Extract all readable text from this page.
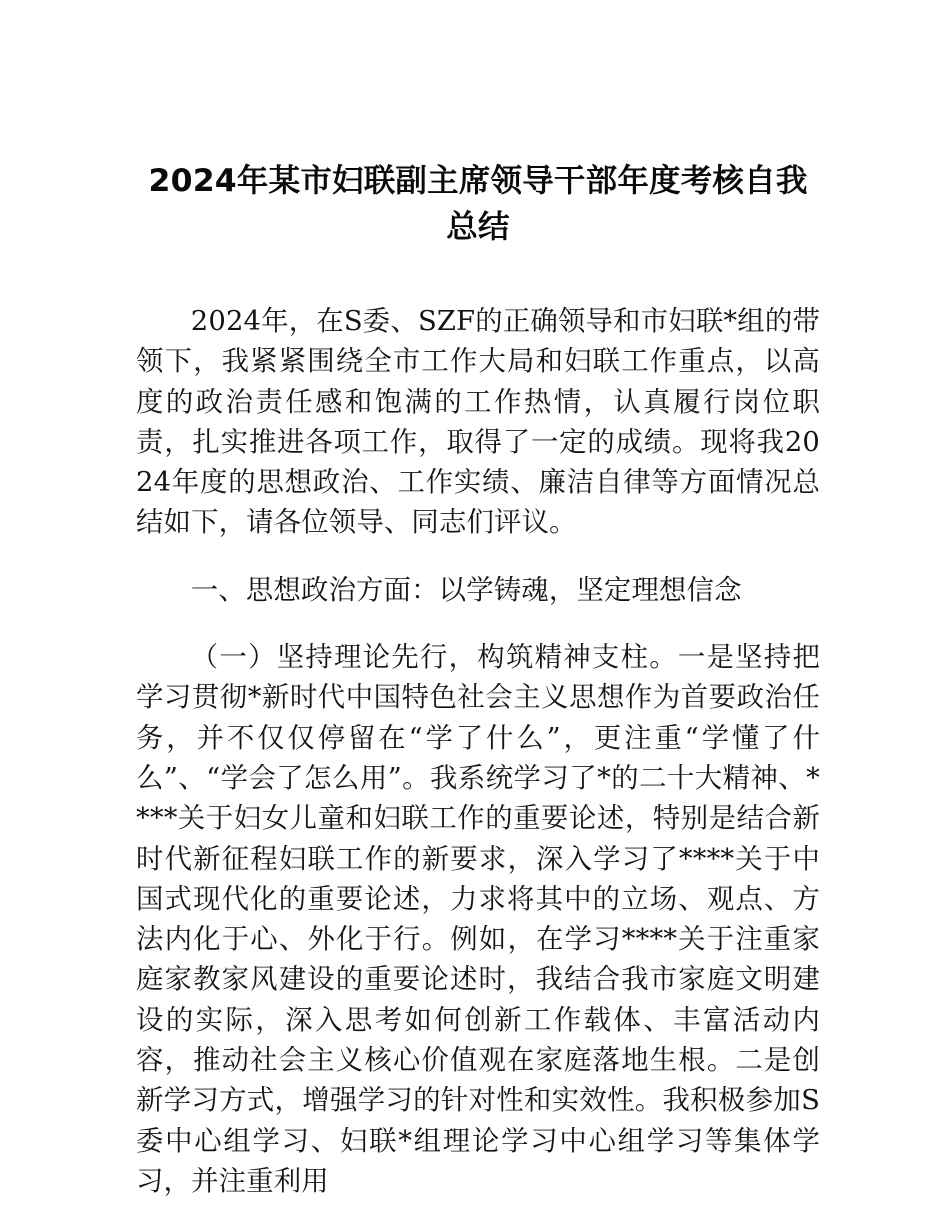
2024年某市妇联副主席领导干部年度考核自我总结

2024年，在S委、SZF的正确领导和市妇联*组的带领下，我紧紧围绕全市工作大局和妇联工作重点，以高度的政治责任感和饱满的工作热情，认真履行岗位职责，扎实推进各项工作，取得了一定的成绩。现将我2024年度的思想政治、工作实绩、廉洁自律等方面情况总结如下，请各位领导、同志们评议。

一、思想政治方面：以学铸魂，坚定理想信念

（一）坚持理论先行，构筑精神支柱。一是坚持把学习贯彻*新时代中国特色社会主义思想作为首要政治任务，并不仅仅停留在“学了什么”，更注重“学懂了什么”、“学会了怎么用”。我系统学习了*的二十大精神、****关于妇女儿童和妇联工作的重要论述，特别是结合新时代新征程妇联工作的新要求，深入学习了****关于中国式现代化的重要论述，力求将其中的立场、观点、方法内化于心、外化于行。例如，在学习****关于注重家庭家教家风建设的重要论述时，我结合我市家庭文明建设的实际，深入思考如何创新工作载体、丰富活动内容，推动社会主义核心价值观在家庭落地生根。二是创新学习方式，增强学习的针对性和实效性。我积极参加S委中心组学习、妇联*组理论学习中心组学习等集体学习，并注重利用
